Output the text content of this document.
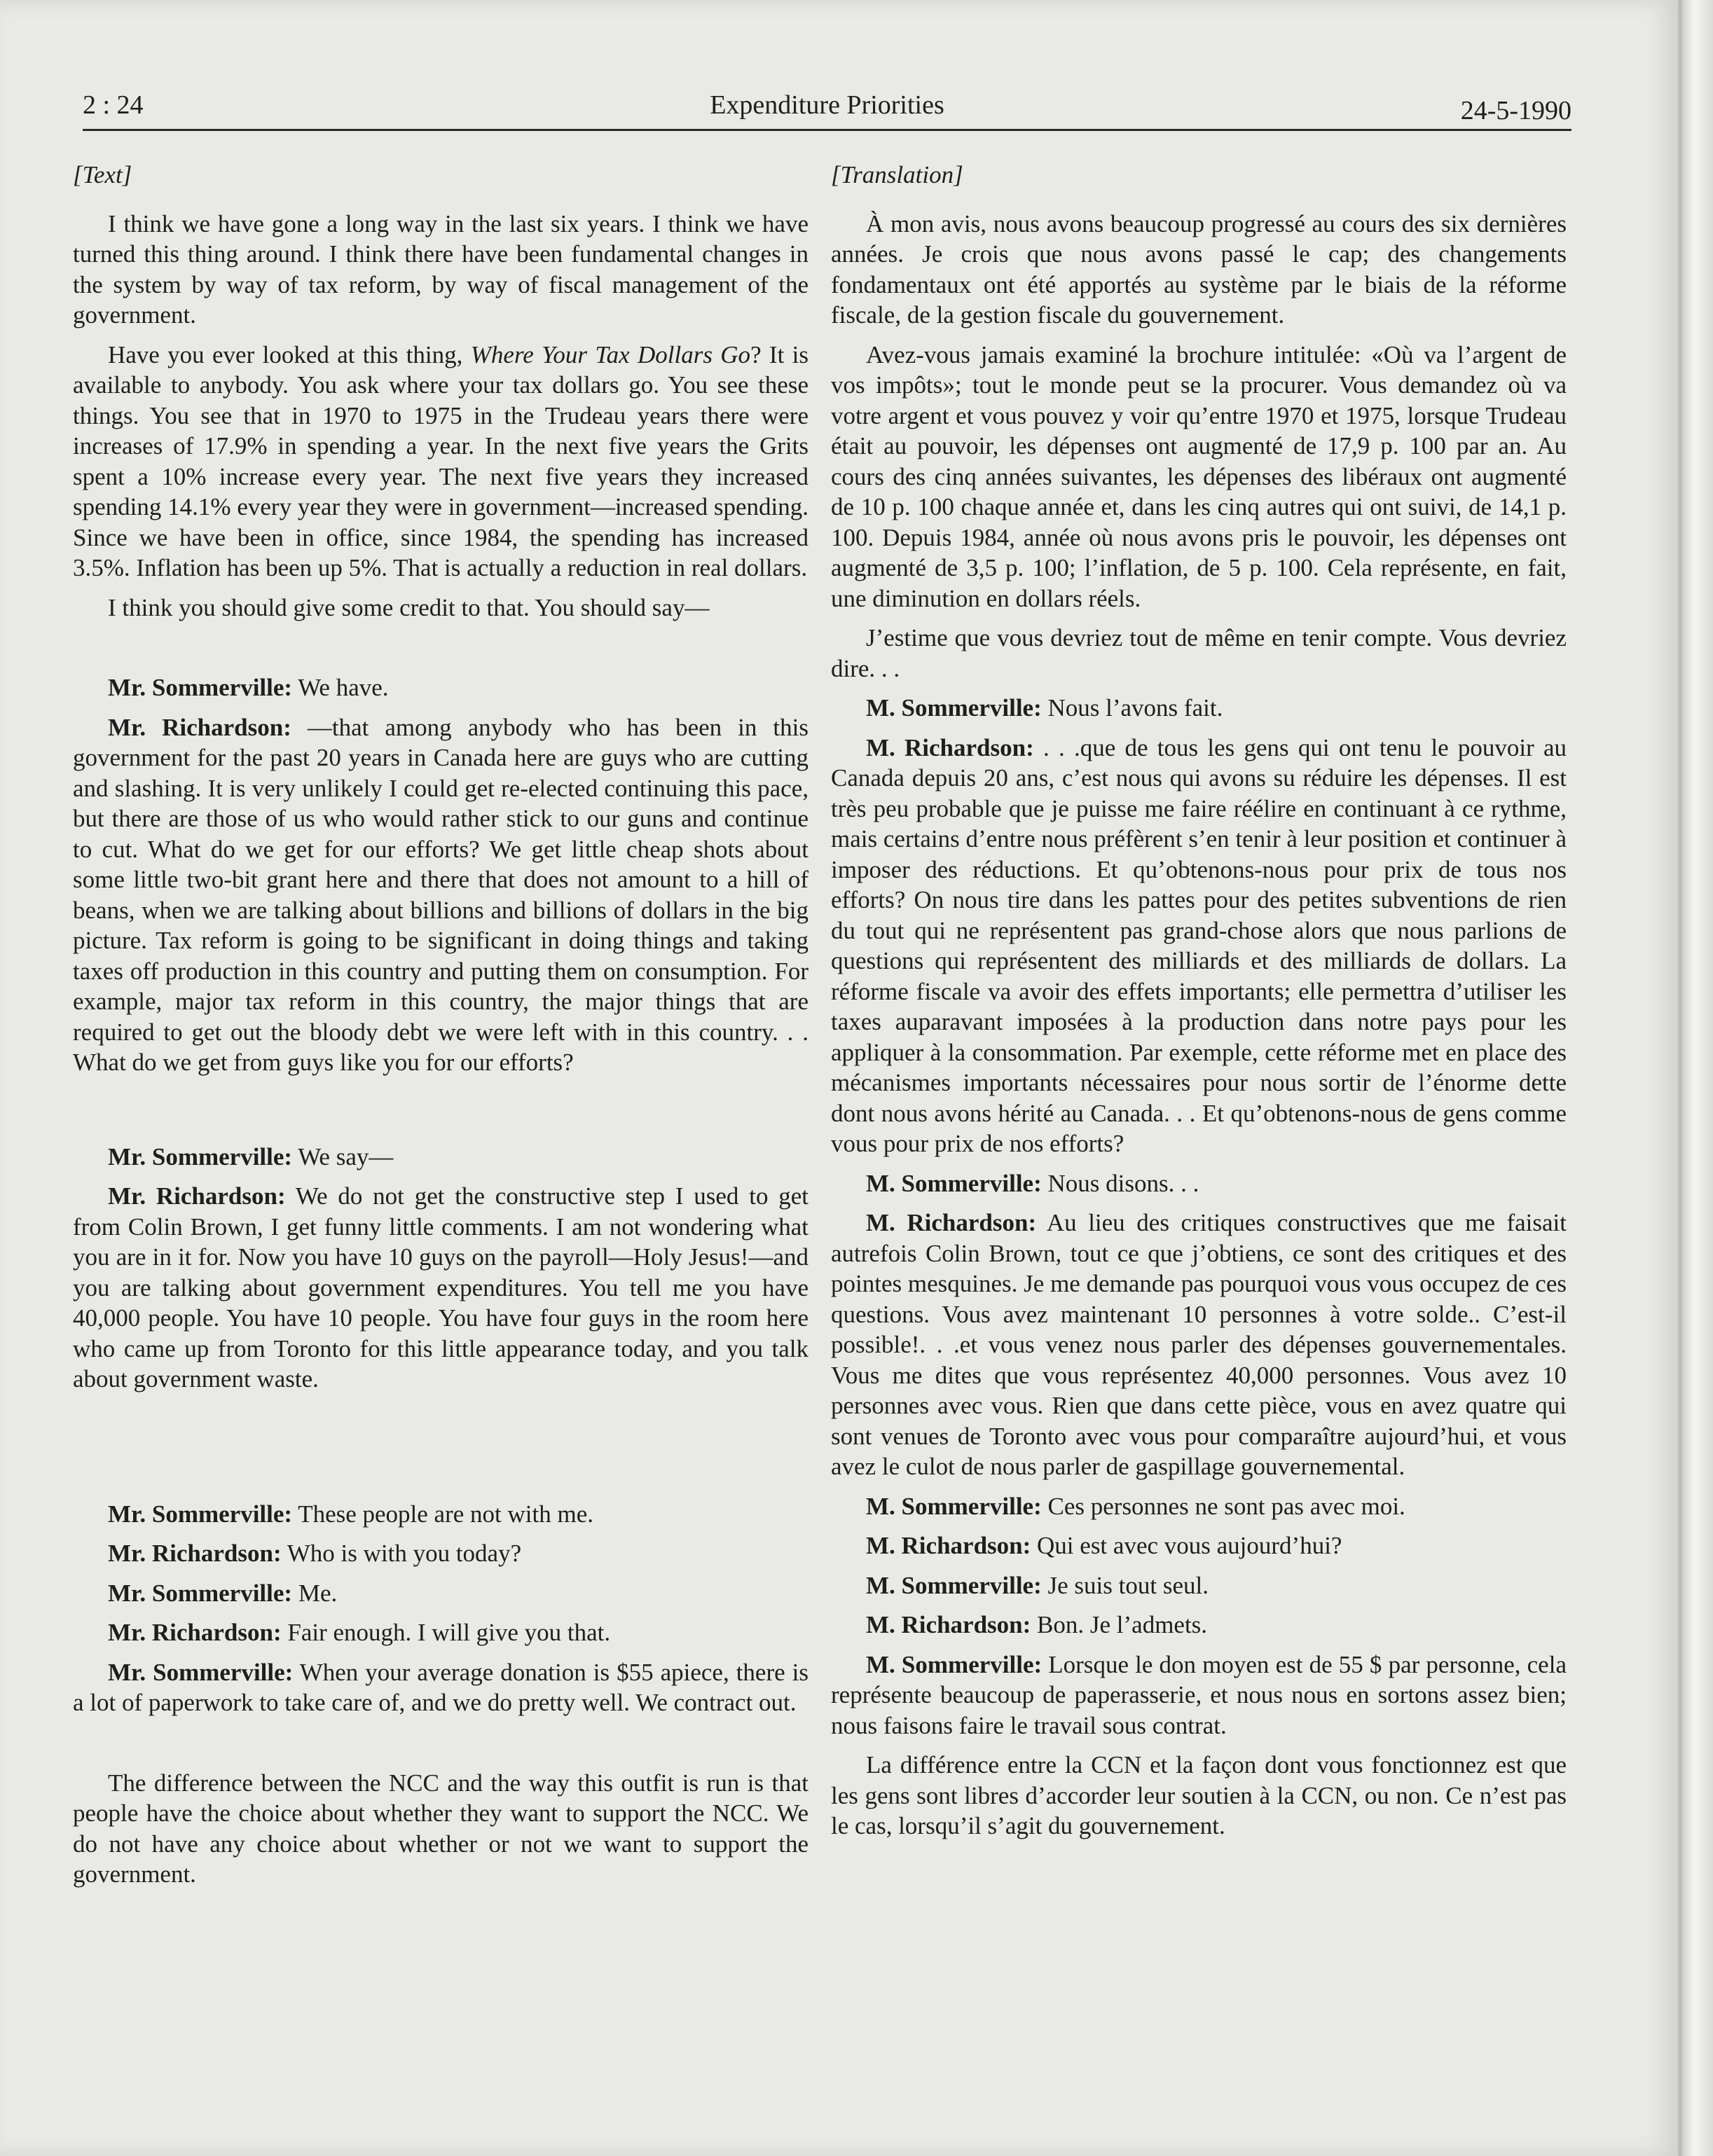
2 : 24	Expenditure Priorities	24-5-1990

[Text]

I think we have gone a long way in the last six years. I think we have turned this thing around. I think there have been fundamental changes in the system by way of tax reform, by way of fiscal management of the government.

Have you ever looked at this thing, Where Your Tax Dollars Go? It is available to anybody. You ask where your tax dollars go. You see these things. You see that in 1970 to 1975 in the Trudeau years there were increases of 17.9% in spending a year. In the next five years the Grits spent a 10% increase every year. The next five years they increased spending 14.1% every year they were in government—increased spending. Since we have been in office, since 1984, the spending has increased 3.5%. Inflation has been up 5%. That is actually a reduction in real dollars.

I think you should give some credit to that. You should say—

Mr. Sommerville: We have.

Mr. Richardson: —that among anybody who has been in this government for the past 20 years in Canada here are guys who are cutting and slashing. It is very unlikely I could get re-elected continuing this pace, but there are those of us who would rather stick to our guns and continue to cut. What do we get for our efforts? We get little cheap shots about some little two-bit grant here and there that does not amount to a hill of beans, when we are talking about billions and billions of dollars in the big picture. Tax reform is going to be significant in doing things and taking taxes off production in this country and putting them on consumption. For example, major tax reform in this country, the major things that are required to get out the bloody debt we were left with in this country. . . What do we get from guys like you for our efforts?

Mr. Sommerville: We say—

Mr. Richardson: We do not get the constructive step I used to get from Colin Brown, I get funny little comments. I am not wondering what you are in it for. Now you have 10 guys on the payroll—Holy Jesus!—and you are talking about government expenditures. You tell me you have 40,000 people. You have 10 people. You have four guys in the room here who came up from Toronto for this little appearance today, and you talk about government waste.

Mr. Sommerville: These people are not with me.

Mr. Richardson: Who is with you today?

Mr. Sommerville: Me.

Mr. Richardson: Fair enough. I will give you that.

Mr. Sommerville: When your average donation is $55 apiece, there is a lot of paperwork to take care of, and we do pretty well. We contract out.

The difference between the NCC and the way this outfit is run is that people have the choice about whether they want to support the NCC. We do not have any choice about whether or not we want to support the government.

[Translation]

À mon avis, nous avons beaucoup progressé au cours des six dernières années. Je crois que nous avons passé le cap; des changements fondamentaux ont été apportés au système par le biais de la réforme fiscale, de la gestion fiscale du gouvernement.

Avez-vous jamais examiné la brochure intitulée: «Où va l’argent de vos impôts»; tout le monde peut se la procurer. Vous demandez où va votre argent et vous pouvez y voir qu’entre 1970 et 1975, lorsque Trudeau était au pouvoir, les dépenses ont augmenté de 17,9 p. 100 par an. Au cours des cinq années suivantes, les dépenses des libéraux ont augmenté de 10 p. 100 chaque année et, dans les cinq autres qui ont suivi, de 14,1 p. 100. Depuis 1984, année où nous avons pris le pouvoir, les dépenses ont augmenté de 3,5 p. 100; l’inflation, de 5 p. 100. Cela représente, en fait, une diminution en dollars réels.

J’estime que vous devriez tout de même en tenir compte. Vous devriez dire. . .

M. Sommerville: Nous l’avons fait.

M. Richardson: . . .que de tous les gens qui ont tenu le pouvoir au Canada depuis 20 ans, c’est nous qui avons su réduire les dépenses. Il est très peu probable que je puisse me faire réélire en continuant à ce rythme, mais certains d’entre nous préfèrent s’en tenir à leur position et continuer à imposer des réductions. Et qu’obtenons-nous pour prix de tous nos efforts? On nous tire dans les pattes pour des petites subventions de rien du tout qui ne représentent pas grand-chose alors que nous parlions de questions qui représentent des milliards et des milliards de dollars. La réforme fiscale va avoir des effets importants; elle permettra d’utiliser les taxes auparavant imposées à la production dans notre pays pour les appliquer à la consommation. Par exemple, cette réforme met en place des mécanismes importants nécessaires pour nous sortir de l’énorme dette dont nous avons hérité au Canada. . . Et qu’obtenons-nous de gens comme vous pour prix de nos efforts?

M. Sommerville: Nous disons. . .

M. Richardson: Au lieu des critiques constructives que me faisait autrefois Colin Brown, tout ce que j’obtiens, ce sont des critiques et des pointes mesquines. Je me demande pas pourquoi vous vous occupez de ces questions. Vous avez maintenant 10 personnes à votre solde.. C’est-il possible!. . .et vous venez nous parler des dépenses gouvernementales. Vous me dites que vous représentez 40,000 personnes. Vous avez 10 personnes avec vous. Rien que dans cette pièce, vous en avez quatre qui sont venues de Toronto avec vous pour comparaître aujourd’hui, et vous avez le culot de nous parler de gaspillage gouvernemental.

M. Sommerville: Ces personnes ne sont pas avec moi.

M. Richardson: Qui est avec vous aujourd’hui?

M. Sommerville: Je suis tout seul.

M. Richardson: Bon. Je l’admets.

M. Sommerville: Lorsque le don moyen est de 55 $ par personne, cela représente beaucoup de paperasserie, et nous nous en sortons assez bien; nous faisons faire le travail sous contrat.

La différence entre la CCN et la façon dont vous fonctionnez est que les gens sont libres d’accorder leur soutien à la CCN, ou non. Ce n’est pas le cas, lorsqu’il s’agit du gouvernement.
